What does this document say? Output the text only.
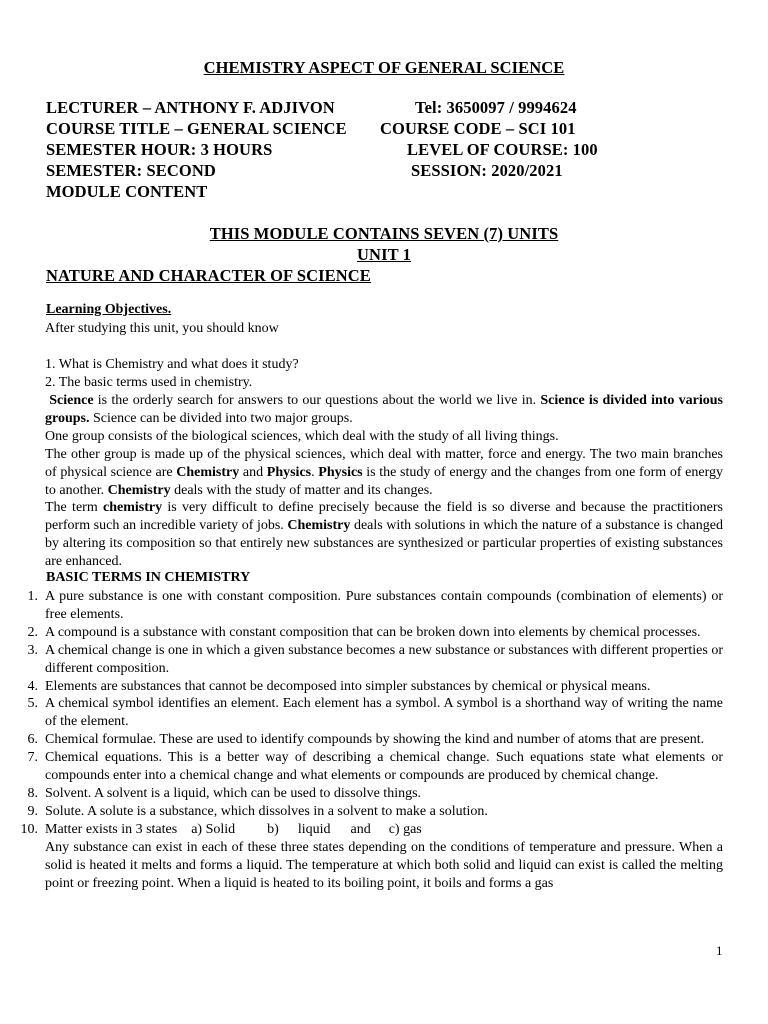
CHEMISTRY ASPECT OF GENERAL SCIENCE
LECTURER – ANTHONY F. ADJIVON	Tel: 3650097 / 9994624
COURSE TITLE – GENERAL SCIENCE COURSE CODE – SCI 101
SEMESTER HOUR: 3 HOURS	LEVEL OF COURSE: 100
SEMESTER: SECOND	SESSION: 2020/2021
MODULE CONTENT
THIS MODULE CONTAINS SEVEN (7) UNITS
UNIT 1
NATURE AND CHARACTER OF SCIENCE
Learning Objectives.
After studying this unit, you should know
1. What is Chemistry and what does it study?
2. The basic terms used in chemistry.

Science is the orderly search for answers to our questions about the world we live in. Science is divided into various groups. Science can be divided into two major groups.

One group consists of the biological sciences, which deal with the study of all living things.

The other group is made up of the physical sciences, which deal with matter, force and energy. The two main branches of physical science are Chemistry and Physics. Physics is the study of energy and the changes from one form of energy to another. Chemistry deals with the study of matter and its changes.

The term chemistry is very difficult to define precisely because the field is so diverse and because the practitioners perform such an incredible variety of jobs. Chemistry deals with solutions in which the nature of a substance is changed by altering its composition so that entirely new substances are synthesized or particular properties of existing substances are enhanced.

BASIC TERMS IN CHEMISTRY
1. A pure substance is one with constant composition. Pure substances contain compounds (combination of elements) or free elements.
2. A compound is a substance with constant composition that can be broken down into elements by chemical processes.
3. A chemical change is one in which a given substance becomes a new substance or substances with different properties or different composition.
4. Elements are substances that cannot be decomposed into simpler substances by chemical or physical means.
5. A chemical symbol identifies an element. Each element has a symbol. A symbol is a shorthand way of writing the name of the element.
6. Chemical formulae. These are used to identify compounds by showing the kind and number of atoms that are present.
7. Chemical equations. This is a better way of describing a chemical change. Such equations state what elements or compounds enter into a chemical change and what elements or compounds are produced by chemical change.
8. Solvent. A solvent is a liquid, which can be used to dissolve things.
9. Solute. A solute is a substance, which dissolves in a solvent to make a solution.
10. Matter exists in 3 states a) Solid b) liquid and c) gas
Any substance can exist in each of these three states depending on the conditions of temperature and pressure. When a solid is heated it melts and forms a liquid. The temperature at which both solid and liquid can exist is called the melting point or freezing point. When a liquid is heated to its boiling point, it boils and forms a gas
1
